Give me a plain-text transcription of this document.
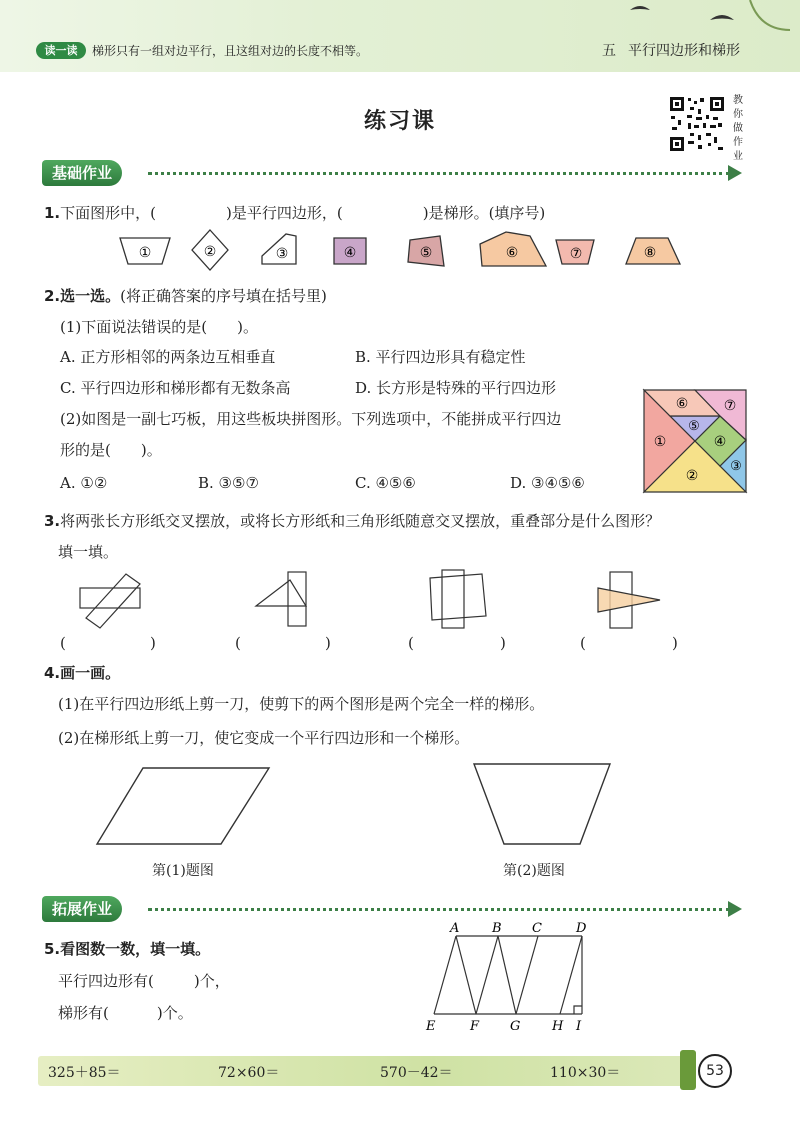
读一读	梯形只有一组对边平行，且这组对边的长度不相等。	五 平行四边形和梯形
练习课
教
你
做
作
业
基础作业
1.下面图形中，(	)是平行四边形，(	)是梯形。(填序号)
①	②	③	④	⑤	⑥	⑦	⑧
2.选一选。(将正确答案的序号填在括号里)
(1)下面说法错误的是(　　)。
A. 正方形相邻的两条边互相垂直	B. 平行四边形具有稳定性
C. 平行四边形和梯形都有无数条高	D. 长方形是特殊的平行四边形
(2)如图是一副七巧板，用这些板块拼图形。下列选项中，不能拼成平行四边
形的是(　　)。
A. ①②	B. ③⑤⑦	C. ④⑤⑥	D. ③④⑤⑥
①
②
③
④
⑤
⑥	⑦
3.将两张长方形纸交叉摆放，或将长方形纸和三角形纸随意交叉摆放，重叠部分是什么图形？
填一填。
(	)	(	)	(	)	(	)
4.画一画。
(1)在平行四边形纸上剪一刀，使剪下的两个图形是两个完全一样的梯形。
(2)在梯形纸上剪一刀，使它变成一个平行四边形和一个梯形。
第(1)题图	第(2)题图
拓展作业
5.看图数一数，填一填。
平行四边形有(	)个，
梯形有(	)个。
A	B C	D
E	F G H I
325＋85＝	72×60＝	570－42＝	110×30＝	53
